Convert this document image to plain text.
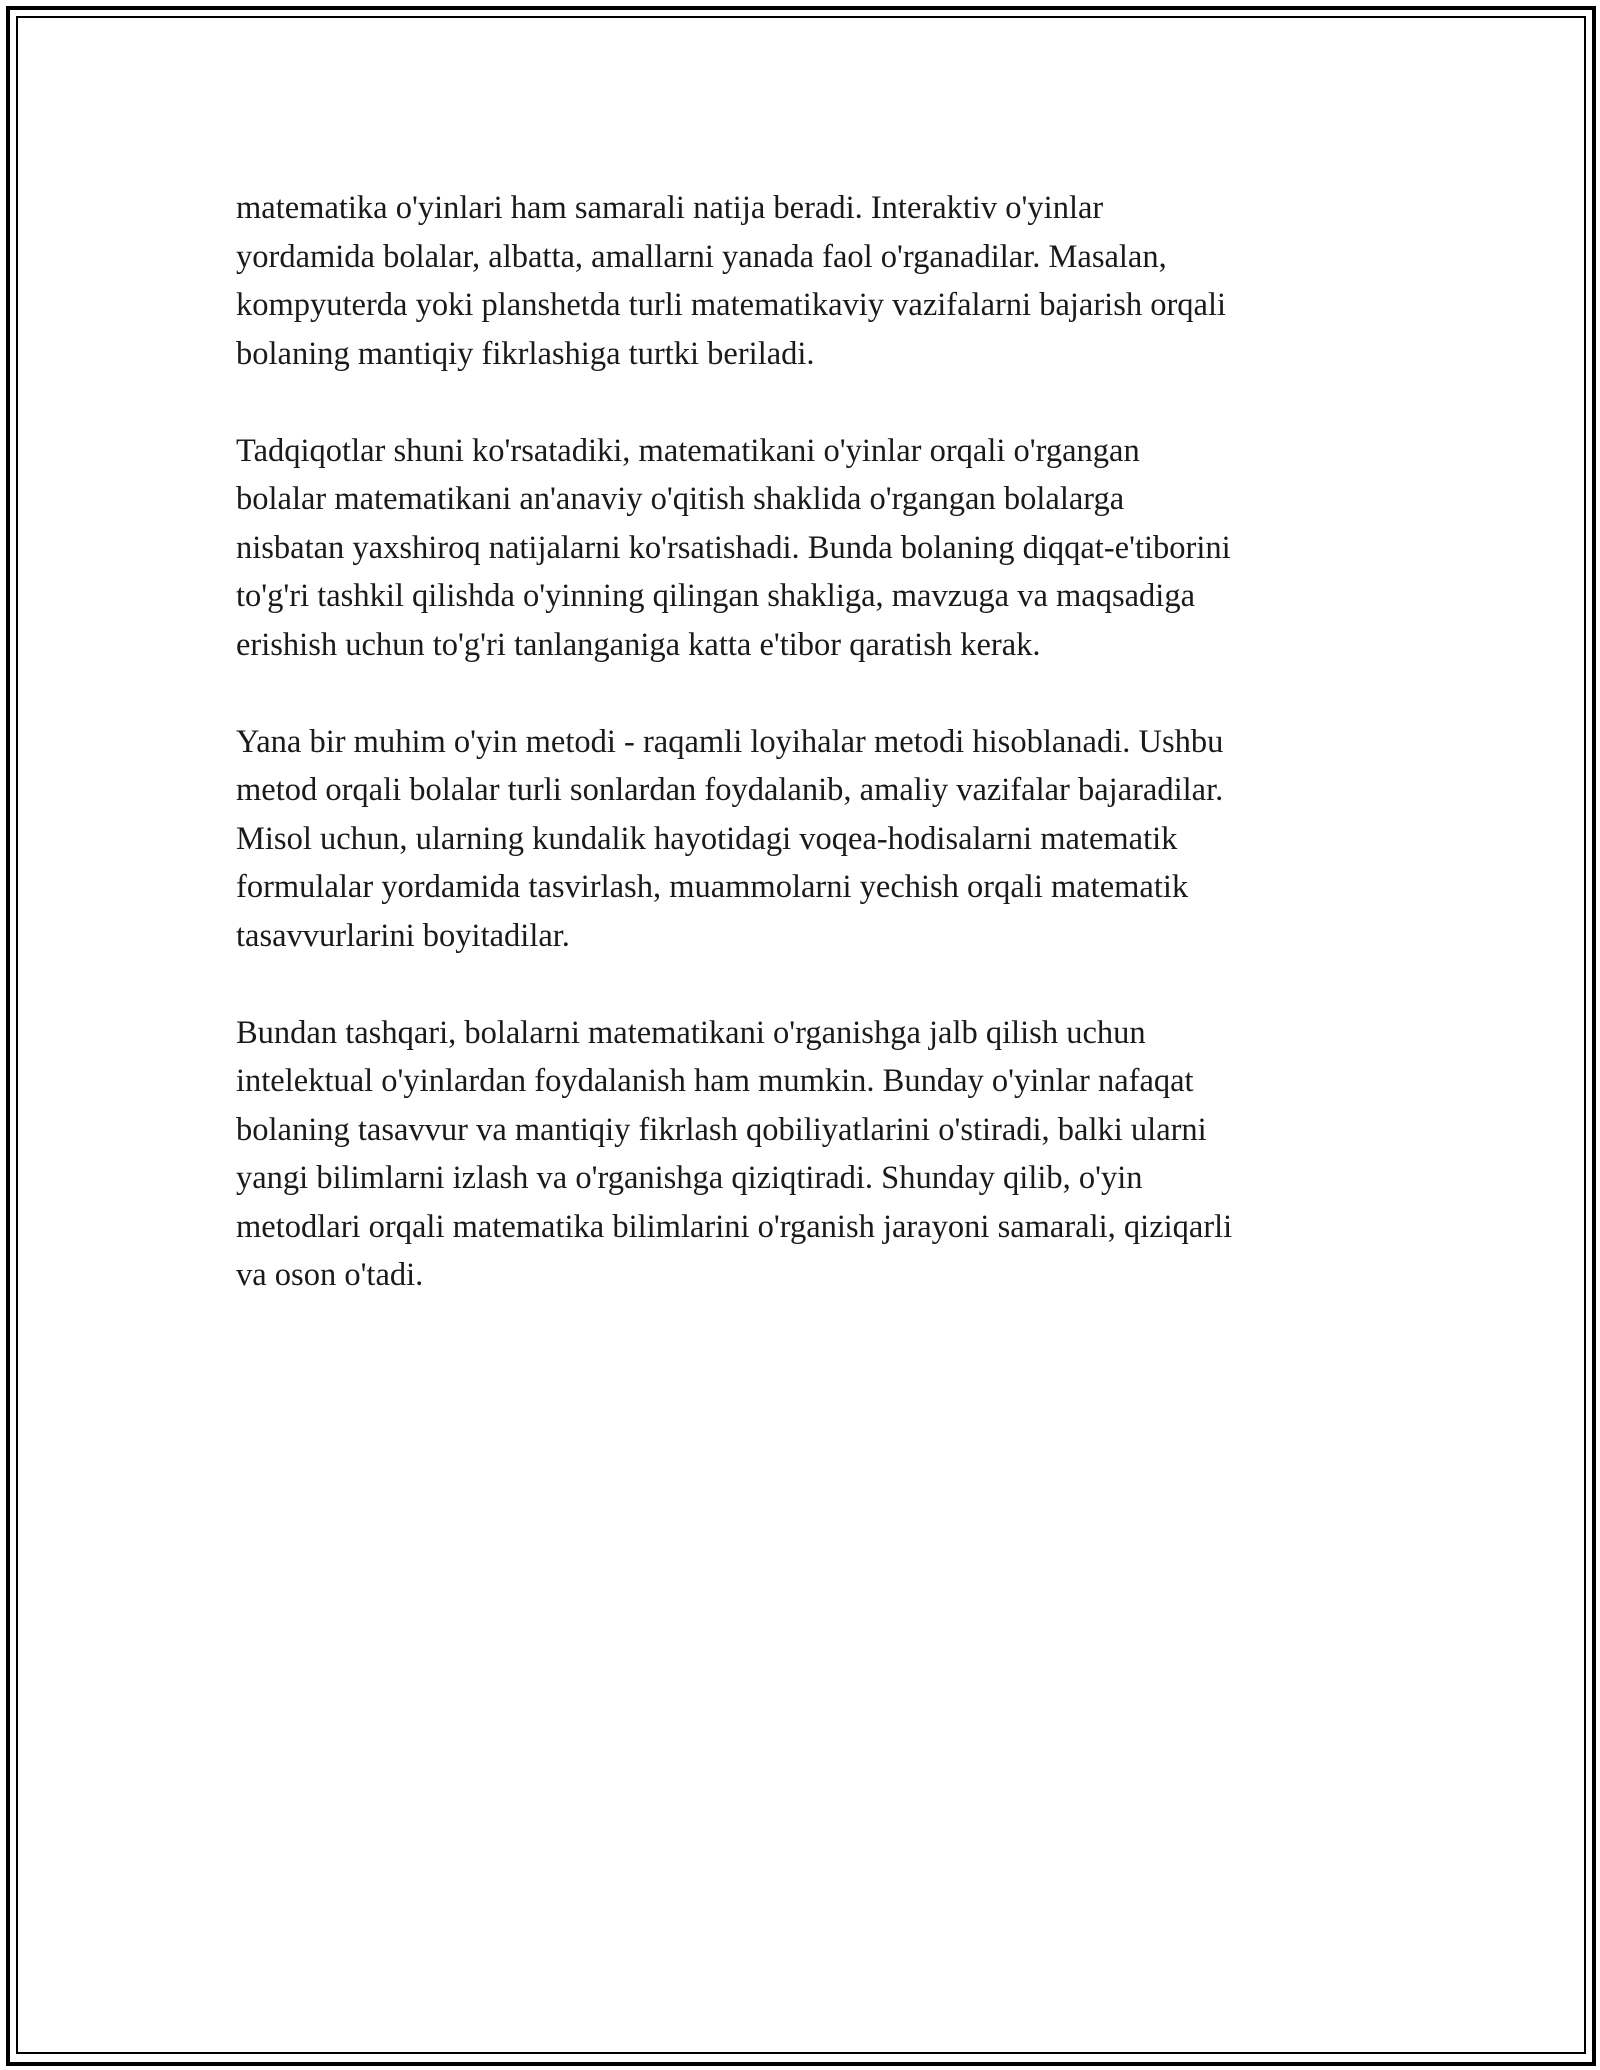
matematika o'yinlari ham samarali natija beradi. Interaktiv o'yinlar
yordamida bolalar, albatta, amallarni yanada faol o'rganadilar. Masalan,
kompyuterda yoki planshetda turli matematikaviy vazifalarni bajarish orqali
bolaning mantiqiy fikrlashiga turtki beriladi.

Tadqiqotlar shuni ko'rsatadiki, matematikani o'yinlar orqali o'rgangan
bolalar matematikani an'anaviy o'qitish shaklida o'rgangan bolalarga
nisbatan yaxshiroq natijalarni ko'rsatishadi. Bunda bolaning diqqat-e'tiborini
to'g'ri tashkil qilishda o'yinning qilingan shakliga, mavzuga va maqsadiga
erishish uchun to'g'ri tanlanganiga katta e'tibor qaratish kerak.

Yana bir muhim o'yin metodi - raqamli loyihalar metodi hisoblanadi. Ushbu
metod orqali bolalar turli sonlardan foydalanib, amaliy vazifalar bajaradilar.
Misol uchun, ularning kundalik hayotidagi voqea-hodisalarni matematik
formulalar yordamida tasvirlash, muammolarni yechish orqali matematik
tasavvurlarini boyitadilar.

Bundan tashqari, bolalarni matematikani o'rganishga jalb qilish uchun
intelektual o'yinlardan foydalanish ham mumkin. Bunday o'yinlar nafaqat
bolaning tasavvur va mantiqiy fikrlash qobiliyatlarini o'stiradi, balki ularni
yangi bilimlarni izlash va o'rganishga qiziqtiradi. Shunday qilib, o'yin
metodlari orqali matematika bilimlarini o'rganish jarayoni samarali, qiziqarli
va oson o'tadi.
